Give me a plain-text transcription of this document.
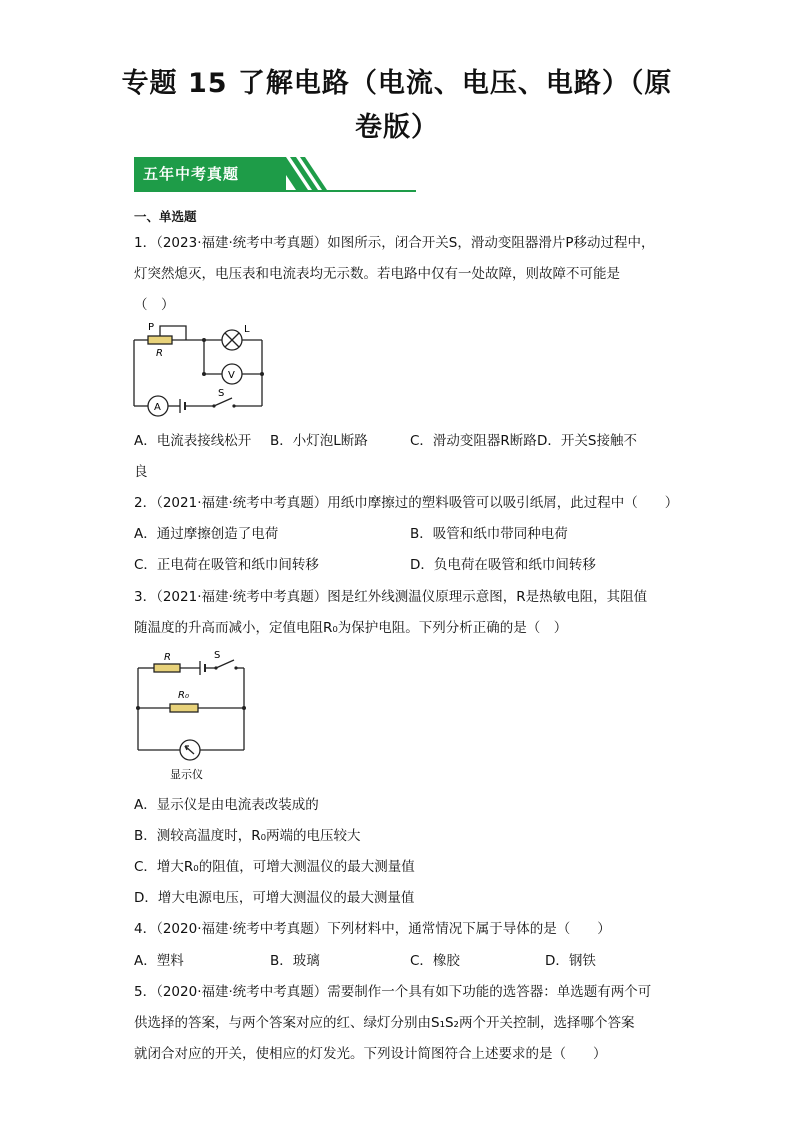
专题 15 了解电路（电流、电压、电路）（原
卷版）
五年中考真题
一、单选题
1．（2023·福建·统考中考真题）如图所示，闭合开关S，滑动变阻器滑片P移动过程中，
灯突然熄灭，电压表和电流表均无示数。若电路中仅有一处故障，则故障不可能是
（　）
P
R
L
V
A
S
A．电流表接线松开 B．小灯泡L断路	C．滑动变阻器R断路 D．开关S接触不
良
2．（2021·福建·统考中考真题）用纸巾摩擦过的塑料吸管可以吸引纸屑，此过程中（　　）
A．通过摩擦创造了电荷	B．吸管和纸巾带同种电荷
C．正电荷在吸管和纸巾间转移	D．负电荷在吸管和纸巾间转移
3．（2021·福建·统考中考真题）图是红外线测温仪原理示意图，R是热敏电阻，其阻值
随温度的升高而减小，定值电阻R₀为保护电阻。下列分析正确的是（　）
R	S
R₀
显示仪
A．显示仪是由电流表改装成的
B．测较高温度时，R₀两端的电压较大
C．增大R₀的阻值，可增大测温仪的最大测量值
D．增大电源电压，可增大测温仪的最大测量值
4．（2020·福建·统考中考真题）下列材料中，通常情况下属于导体的是（　　）
A．塑料	B．玻璃	C．橡胶	D．钢铁
5．（2020·福建·统考中考真题）需要制作一个具有如下功能的选答器：单选题有两个可
供选择的答案，与两个答案对应的红、绿灯分别由S₁S₂两个开关控制，选择哪个答案
就闭合对应的开关，使相应的灯发光。下列设计简图符合上述要求的是（　　）
